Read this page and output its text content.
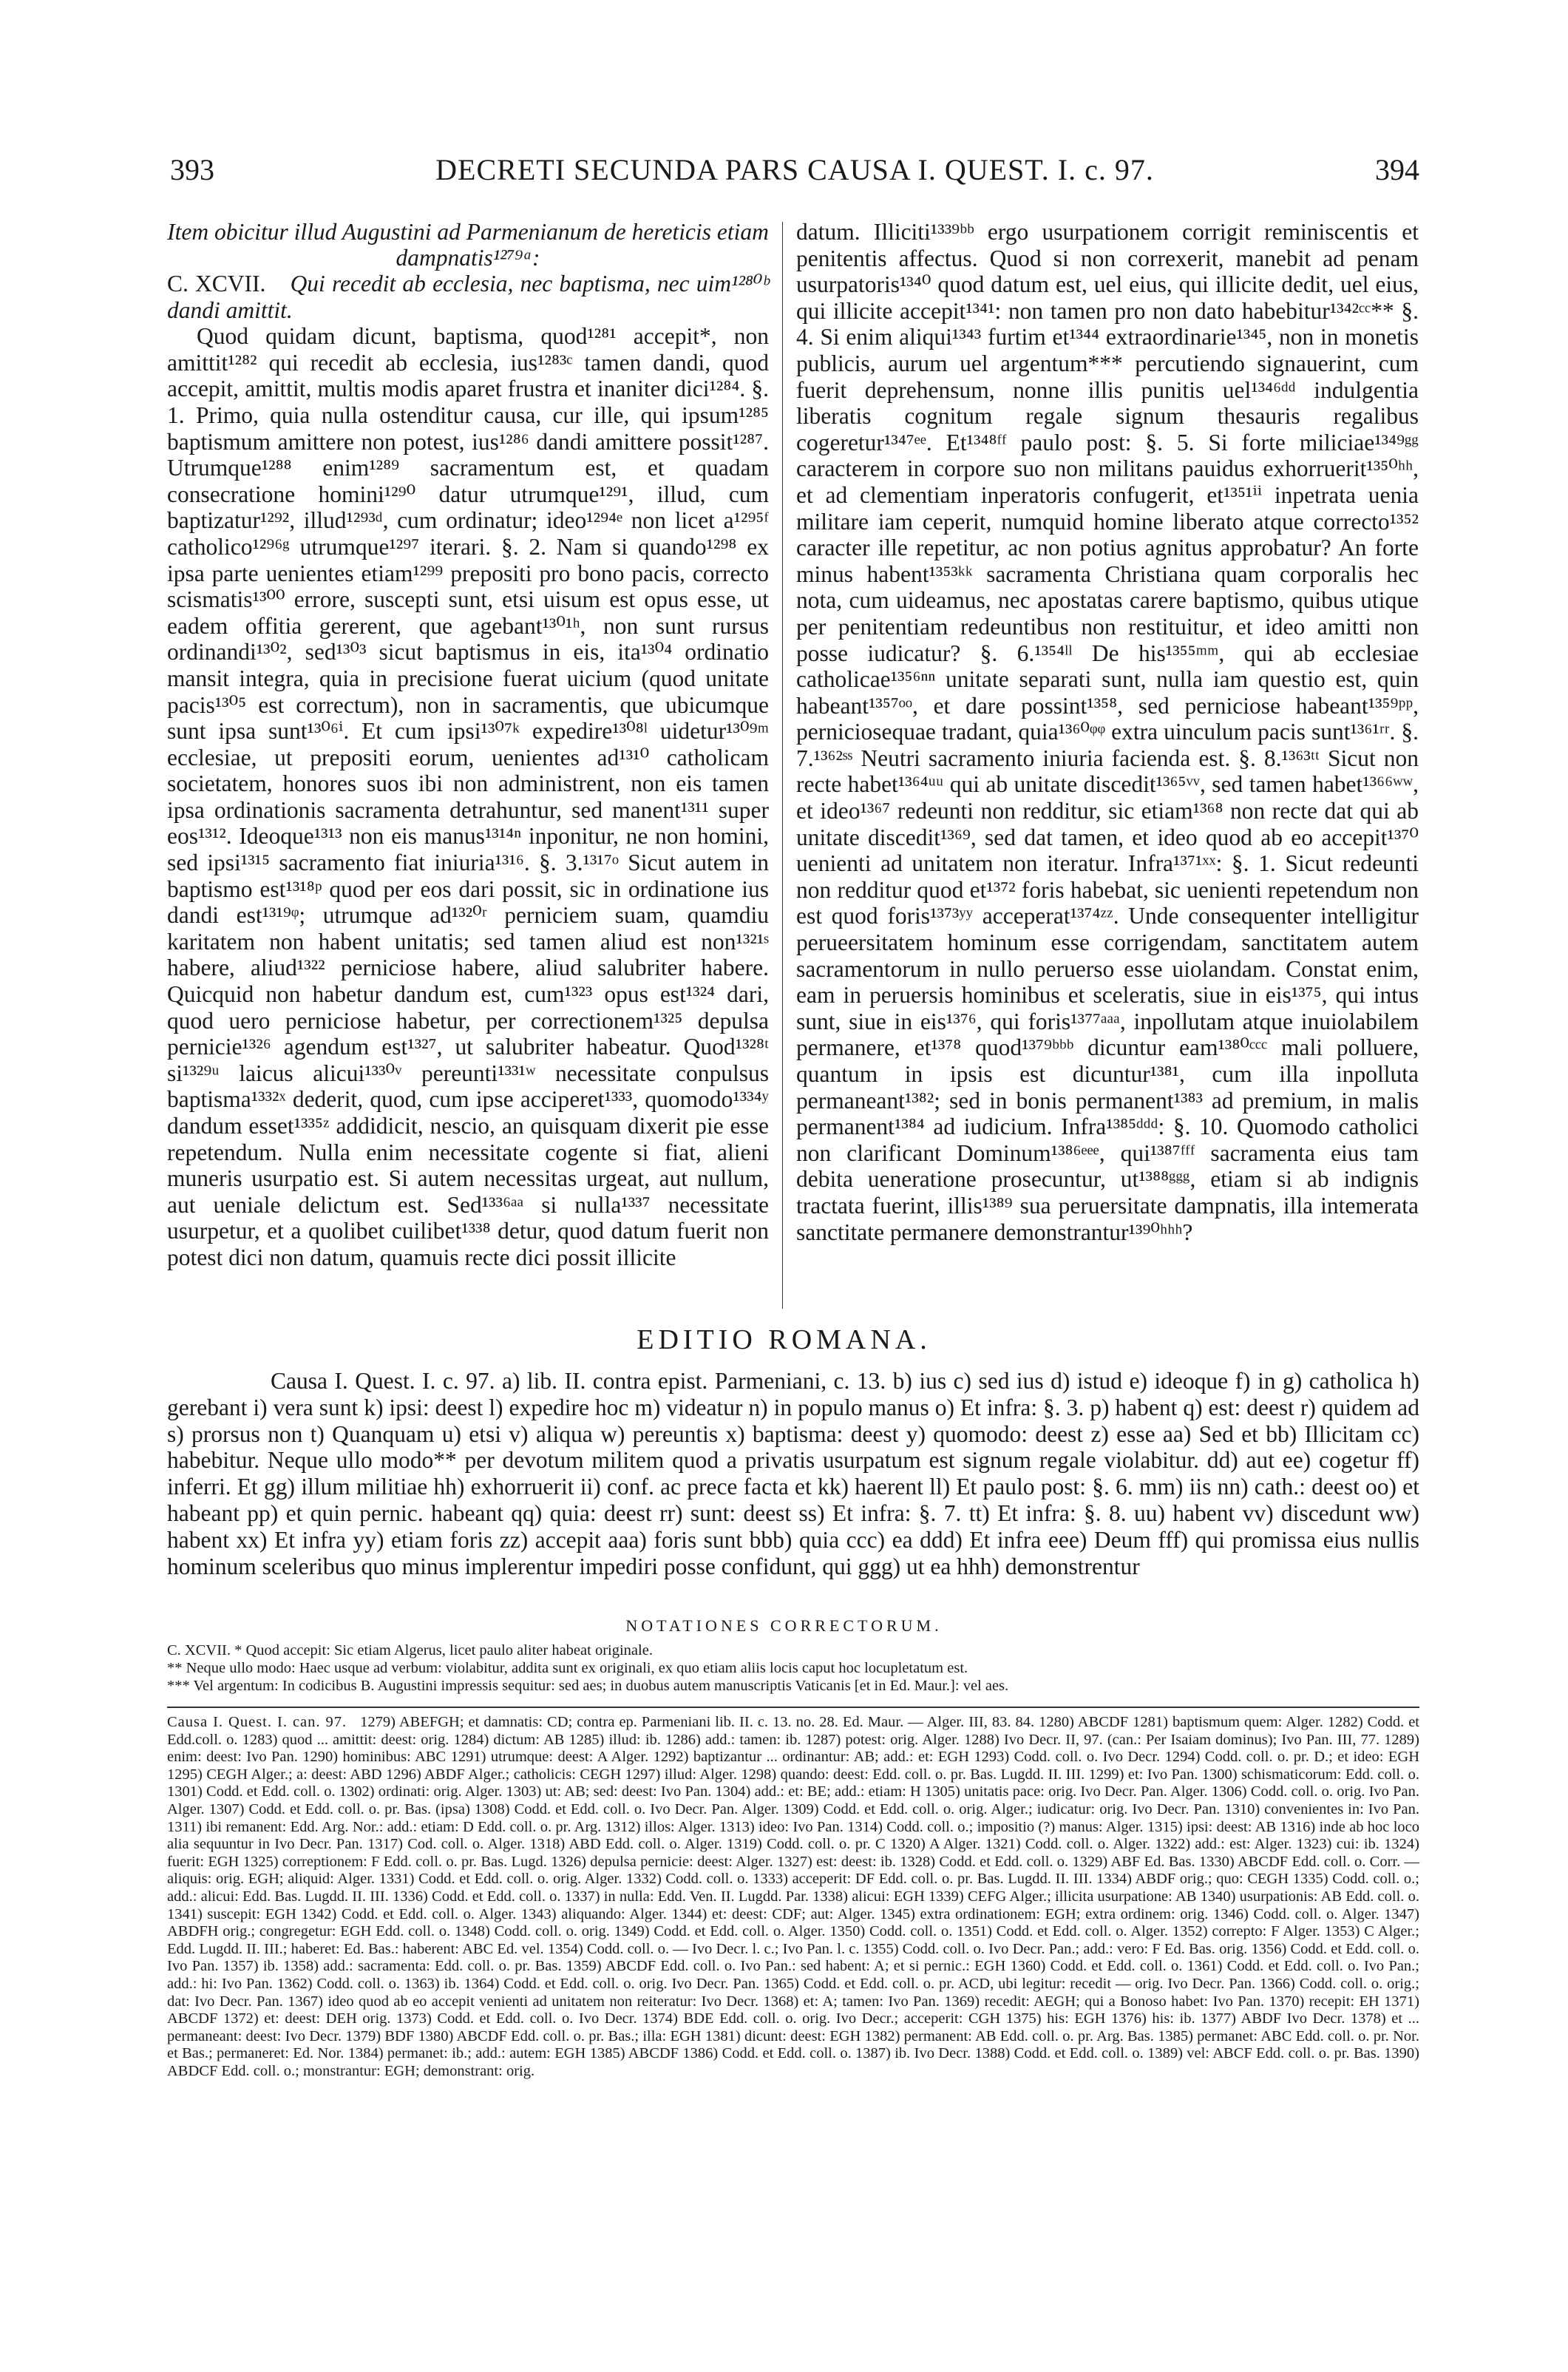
393	DECRETI SECUNDA PARS CAUSA I. QUEST. I. c. 97.	394

Item obicitur illud Augustini ad Parmenianum de hereticis etiam dampnatis¹²⁷⁹ᵃ:

C. XCVII. Qui recedit ab ecclesia, nec baptisma, nec uim¹²⁸⁰ᵇ dandi amittit.

Quod quidam dicunt, baptisma, quod¹²⁸¹ accepit*, non amittit¹²⁸² qui recedit ab ecclesia, ius¹²⁸³ᶜ tamen dandi, quod accepit, amittit, multis modis aparet frustra et inaniter dici¹²⁸⁴. §. 1. Primo, quia nulla ostenditur causa, cur ille, qui ipsum¹²⁸⁵ baptismum amittere non potest, ius¹²⁸⁶ dandi amittere possit¹²⁸⁷. Utrumque¹²⁸⁸ enim¹²⁸⁹ sacramentum est, et quadam consecratione homini¹²⁹⁰ datur utrumque¹²⁹¹, illud, cum baptizatur¹²⁹², illud¹²⁹³ᵈ, cum ordinatur; ideo¹²⁹⁴ᵉ non licet a¹²⁹⁵ᶠ catholico¹²⁹⁶ᵍ utrumque¹²⁹⁷ iterari. §. 2. Nam si quando¹²⁹⁸ ex ipsa parte uenientes etiam¹²⁹⁹ prepositi pro bono pacis, correcto scismatis¹³⁰⁰ errore, suscepti sunt, etsi uisum est opus esse, ut eadem offitia gererent, que agebant¹³⁰¹ʰ, non sunt rursus ordinandi¹³⁰², sed¹³⁰³ sicut baptismus in eis, ita¹³⁰⁴ ordinatio mansit integra, quia in precisione fuerat uicium (quod unitate pacis¹³⁰⁵ est correctum), non in sacramentis, que ubicumque sunt ipsa sunt¹³⁰⁶ⁱ. Et cum ipsi¹³⁰⁷ᵏ expedire¹³⁰⁸ˡ uidetur¹³⁰⁹ᵐ ecclesiae, ut prepositi eorum, uenientes ad¹³¹⁰ catholicam societatem, honores suos ibi non administrent, non eis tamen ipsa ordinationis sacramenta detrahuntur, sed manent¹³¹¹ super eos¹³¹². Ideoque¹³¹³ non eis manus¹³¹⁴ⁿ inponitur, ne non homini, sed ipsi¹³¹⁵ sacramento fiat iniuria¹³¹⁶. §. 3.¹³¹⁷ᵒ Sicut autem in baptismo est¹³¹⁸ᵖ quod per eos dari possit, sic in ordinatione ius dandi est¹³¹⁹ᵠ; utrumque ad¹³²⁰ʳ perniciem suam, quamdiu karitatem non habent unitatis; sed tamen aliud est non¹³²¹ˢ habere, aliud¹³²² perniciose habere, aliud salubriter habere. Quicquid non habetur dandum est, cum¹³²³ opus est¹³²⁴ dari, quod uero perniciose habetur, per correctionem¹³²⁵ depulsa pernicie¹³²⁶ agendum est¹³²⁷, ut salubriter habeatur. Quod¹³²⁸ᵗ si¹³²⁹ᵘ laicus alicui¹³³⁰ᵛ pereunti¹³³¹ʷ necessitate conpulsus baptisma¹³³²ˣ dederit, quod, cum ipse acciperet¹³³³, quomodo¹³³⁴ʸ dandum esset¹³³⁵ᶻ addidicit, nescio, an quisquam dixerit pie esse repetendum. Nulla enim necessitate cogente si fiat, alieni muneris usurpatio est. Si autem necessitas urgeat, aut nullum, aut ueniale delictum est. Sed¹³³⁶ᵃᵃ si nulla¹³³⁷ necessitate usurpetur, et a quolibet cuilibet¹³³⁸ detur, quod datum fuerit non potest dici non datum, quamuis recte dici possit illicite

datum. Illiciti¹³³⁹ᵇᵇ ergo usurpationem corrigit reminiscentis et penitentis affectus. Quod si non correxerit, manebit ad penam usurpatoris¹³⁴⁰ quod datum est, uel eius, qui illicite dedit, uel eius, qui illicite accepit¹³⁴¹: non tamen pro non dato habebitur¹³⁴²ᶜᶜ** §. 4. Si enim aliqui¹³⁴³ furtim et¹³⁴⁴ extraordinarie¹³⁴⁵, non in monetis publicis, aurum uel argentum*** percutiendo signauerint, cum fuerit deprehensum, nonne illis punitis uel¹³⁴⁶ᵈᵈ indulgentia liberatis cognitum regale signum thesauris regalibus cogeretur¹³⁴⁷ᵉᵉ. Et¹³⁴⁸ᶠᶠ paulo post: §. 5. Si forte miliciae¹³⁴⁹ᵍᵍ caracterem in corpore suo non militans pauidus exhorruerit¹³⁵⁰ʰʰ, et ad clementiam inperatoris confugerit, et¹³⁵¹ⁱⁱ inpetrata uenia militare iam ceperit, numquid homine liberato atque correcto¹³⁵² caracter ille repetitur, ac non potius agnitus approbatur? An forte minus habent¹³⁵³ᵏᵏ sacramenta Christiana quam corporalis hec nota, cum uideamus, nec apostatas carere baptismo, quibus utique per penitentiam redeuntibus non restituitur, et ideo amitti non posse iudicatur? §. 6.¹³⁵⁴ˡˡ De his¹³⁵⁵ᵐᵐ, qui ab ecclesiae catholicae¹³⁵⁶ⁿⁿ unitate separati sunt, nulla iam questio est, quin habeant¹³⁵⁷ᵒᵒ, et dare possint¹³⁵⁸, sed perniciose habeant¹³⁵⁹ᵖᵖ, perniciosequae tradant, quia¹³⁶⁰ᵠᵠ extra uinculum pacis sunt¹³⁶¹ʳʳ. §. 7.¹³⁶²ˢˢ Neutri sacramento iniuria facienda est. §. 8.¹³⁶³ᵗᵗ Sicut non recte habet¹³⁶⁴ᵘᵘ qui ab unitate discedit¹³⁶⁵ᵛᵛ, sed tamen habet¹³⁶⁶ʷʷ, et ideo¹³⁶⁷ redeunti non redditur, sic etiam¹³⁶⁸ non recte dat qui ab unitate discedit¹³⁶⁹, sed dat tamen, et ideo quod ab eo accepit¹³⁷⁰ uenienti ad unitatem non iteratur. Infra¹³⁷¹ˣˣ: §. 1. Sicut redeunti non redditur quod et¹³⁷² foris habebat, sic uenienti repetendum non est quod foris¹³⁷³ʸʸ acceperat¹³⁷⁴ᶻᶻ. Unde consequenter intelligitur perueersitatem hominum esse corrigendam, sanctitatem autem sacramentorum in nullo peruerso esse uiolandam. Constat enim, eam in peruersis hominibus et sceleratis, siue in eis¹³⁷⁵, qui intus sunt, siue in eis¹³⁷⁶, qui foris¹³⁷⁷ᵃᵃᵃ, inpollutam atque inuiolabilem permanere, et¹³⁷⁸ quod¹³⁷⁹ᵇᵇᵇ dicuntur eam¹³⁸⁰ᶜᶜᶜ mali polluere, quantum in ipsis est dicuntur¹³⁸¹, cum illa inpolluta permaneant¹³⁸²; sed in bonis permanent¹³⁸³ ad premium, in malis permanent¹³⁸⁴ ad iudicium. Infra¹³⁸⁵ᵈᵈᵈ: §. 10. Quomodo catholici non clarificant Dominum¹³⁸⁶ᵉᵉᵉ, qui¹³⁸⁷ᶠᶠᶠ sacramenta eius tam debita ueneratione prosecuntur, ut¹³⁸⁸ᵍᵍᵍ, etiam si ab indignis tractata fuerint, illis¹³⁸⁹ sua peruersitate dampnatis, illa intemerata sanctitate permanere demonstrantur¹³⁹⁰ʰʰʰ?

EDITIO ROMANA.

Causa I. Quest. I. c. 97. a) lib. II. contra epist. Parmeniani, c. 13. b) ius c) sed ius d) istud e) ideoque f) in g) catholica h) gerebant i) vera sunt k) ipsi: deest l) expedire hoc m) videatur n) in populo manus o) Et infra: §. 3. p) habent q) est: deest r) quidem ad s) prorsus non t) Quanquam u) etsi v) aliqua w) pereuntis x) baptisma: deest y) quomodo: deest z) esse aa) Sed et bb) Illicitam cc) habebitur. Neque ullo modo** per devotum militem quod a privatis usurpatum est signum regale violabitur. dd) aut ee) cogetur ff) inferri. Et gg) illum militiae hh) exhorruerit ii) conf. ac prece facta et kk) haerent ll) Et paulo post: §. 6. mm) iis nn) cath.: deest oo) et habeant pp) et quin pernic. habeant qq) quia: deest rr) sunt: deest ss) Et infra: §. 7. tt) Et infra: §. 8. uu) habent vv) discedunt ww) habent xx) Et infra yy) etiam foris zz) accepit aaa) foris sunt bbb) quia ccc) ea ddd) Et infra eee) Deum fff) qui promissa eius nullis hominum sceleribus quo minus implerentur impediri posse confidunt, qui ggg) ut ea hhh) demonstrentur

NOTATIONES CORRECTORUM.

C. XCVII. * Quod accepit: Sic etiam Algerus, licet paulo aliter habeat originale.

** Neque ullo modo: Haec usque ad verbum: violabitur, addita sunt ex originali, ex quo etiam aliis locis caput hoc locupletatum est.

*** Vel argentum: In codicibus B. Augustini impressis sequitur: sed aes; in duobus autem manuscriptis Vaticanis [et in Ed. Maur.]: vel aes.

Causa I. Quest. I. can. 97. 1279) ABEFGH; et damnatis: CD; contra ep. Parmeniani lib. II. c. 13. no. 28. Ed. Maur. — Alger. III, 83. 84. 1280) ABCDF 1281) baptismum quem: Alger. 1282) Codd. et Edd.coll. o. 1283) quod ... amittit: deest: orig. 1284) dictum: AB 1285) illud: ib. 1286) add.: tamen: ib. 1287) potest: orig. Alger. 1288) Ivo Decr. II, 97. (can.: Per Isaiam dominus); Ivo Pan. III, 77. 1289) enim: deest: Ivo Pan. 1290) hominibus: ABC 1291) utrumque: deest: A Alger. 1292) baptizantur ... ordinantur: AB; add.: et: EGH 1293) Codd. coll. o. Ivo Decr. 1294) Codd. coll. o. pr. D.; et ideo: EGH 1295) CEGH Alger.; a: deest: ABD 1296) ABDF Alger.; catholicis: CEGH 1297) illud: Alger. 1298) quando: deest: Edd. coll. o. pr. Bas. Lugdd. II. III. 1299) et: Ivo Pan. 1300) schismaticorum: Edd. coll. o. 1301) Codd. et Edd. coll. o. 1302) ordinati: orig. Alger. 1303) ut: AB; sed: deest: Ivo Pan. 1304) add.: et: BE; add.: etiam: H 1305) unitatis pace: orig. Ivo Decr. Pan. Alger. 1306) Codd. coll. o. orig. Ivo Pan. Alger. 1307) Codd. et Edd. coll. o. pr. Bas. (ipsa) 1308) Codd. et Edd. coll. o. Ivo Decr. Pan. Alger. 1309) Codd. et Edd. coll. o. orig. Alger.; iudicatur: orig. Ivo Decr. Pan. 1310) convenientes in: Ivo Pan. 1311) ibi remanent: Edd. Arg. Nor.: add.: etiam: D Edd. coll. o. pr. Arg. 1312) illos: Alger. 1313) ideo: Ivo Pan. 1314) Codd. coll. o.; impositio (?) manus: Alger. 1315) ipsi: deest: AB 1316) inde ab hoc loco alia sequuntur in Ivo Decr. Pan. 1317) Cod. coll. o. Alger. 1318) ABD Edd. coll. o. Alger. 1319) Codd. coll. o. pr. C 1320) A Alger. 1321) Codd. coll. o. Alger. 1322) add.: est: Alger. 1323) cui: ib. 1324) fuerit: EGH 1325) correptionem: F Edd. coll. o. pr. Bas. Lugd. 1326) depulsa pernicie: deest: Alger. 1327) est: deest: ib. 1328) Codd. et Edd. coll. o. 1329) ABF Ed. Bas. 1330) ABCDF Edd. coll. o. Corr. — aliquis: orig. EGH; aliquid: Alger. 1331) Codd. et Edd. coll. o. orig. Alger. 1332) Codd. coll. o. 1333) acceperit: DF Edd. coll. o. pr. Bas. Lugdd. II. III. 1334) ABDF orig.; quo: CEGH 1335) Codd. coll. o.; add.: alicui: Edd. Bas. Lugdd. II. III. 1336) Codd. et Edd. coll. o. 1337) in nulla: Edd. Ven. II. Lugdd. Par. 1338) alicui: EGH 1339) CEFG Alger.; illicita usurpatione: AB 1340) usurpationis: AB Edd. coll. o. 1341) suscepit: EGH 1342) Codd. et Edd. coll. o. Alger. 1343) aliquando: Alger. 1344) et: deest: CDF; aut: Alger. 1345) extra ordinationem: EGH; extra ordinem: orig. 1346) Codd. coll. o. Alger. 1347) ABDFH orig.; congregetur: EGH Edd. coll. o. 1348) Codd. coll. o. orig. 1349) Codd. et Edd. coll. o. Alger. 1350) Codd. coll. o. 1351) Codd. et Edd. coll. o. Alger. 1352) correpto: F Alger. 1353) C Alger.; Edd. Lugdd. II. III.; haberet: Ed. Bas.: haberent: ABC Ed. vel. 1354) Codd. coll. o. — Ivo Decr. l. c.; Ivo Pan. l. c. 1355) Codd. coll. o. Ivo Decr. Pan.; add.: vero: F Ed. Bas. orig. 1356) Codd. et Edd. coll. o. Ivo Pan. 1357) ib. 1358) add.: sacramenta: Edd. coll. o. pr. Bas. 1359) ABCDF Edd. coll. o. Ivo Pan.: sed habent: A; et si pernic.: EGH 1360) Codd. et Edd. coll. o. 1361) Codd. et Edd. coll. o. Ivo Pan.; add.: hi: Ivo Pan. 1362) Codd. coll. o. 1363) ib. 1364) Codd. et Edd. coll. o. orig. Ivo Decr. Pan. 1365) Codd. et Edd. coll. o. pr. ACD, ubi legitur: recedit — orig. Ivo Decr. Pan. 1366) Codd. coll. o. orig.; dat: Ivo Decr. Pan. 1367) ideo quod ab eo accepit venienti ad unitatem non reiteratur: Ivo Decr. 1368) et: A; tamen: Ivo Pan. 1369) recedit: AEGH; qui a Bonoso habet: Ivo Pan. 1370) recepit: EH 1371) ABCDF 1372) et: deest: DEH orig. 1373) Codd. et Edd. coll. o. Ivo Decr. 1374) BDE Edd. coll. o. orig. Ivo Decr.; acceperit: CGH 1375) his: EGH 1376) his: ib. 1377) ABDF Ivo Decr. 1378) et ... permaneant: deest: Ivo Decr. 1379) BDF 1380) ABCDF Edd. coll. o. pr. Bas.; illa: EGH 1381) dicunt: deest: EGH 1382) permanent: AB Edd. coll. o. pr. Arg. Bas. 1385) permanet: ABC Edd. coll. o. pr. Nor. et Bas.; permaneret: Ed. Nor. 1384) permanet: ib.; add.: autem: EGH 1385) ABCDF 1386) Codd. et Edd. coll. o. 1387) ib. Ivo Decr. 1388) Codd. et Edd. coll. o. 1389) vel: ABCF Edd. coll. o. pr. Bas. 1390) ABDCF Edd. coll. o.; monstrantur: EGH; demonstrant: orig.
